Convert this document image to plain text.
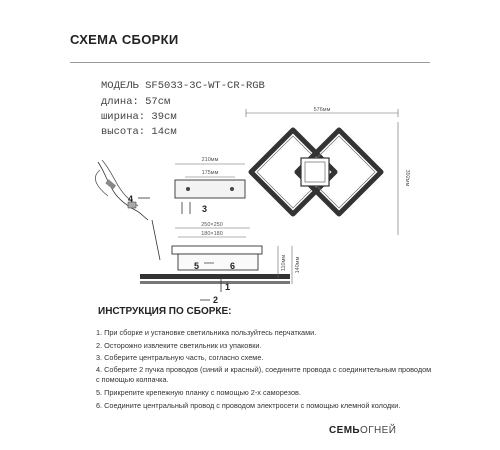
СХЕМА СБОРКИ
МОДЕЛЬ SF5033-3C-WT-CR-RGB
длина: 57см
ширина: 39см
высота: 14см
576мм
392мм
210мм
175мм
3
4
250×250
180×180
5	6	110мм 140мм
1
2
ИНСТРУКЦИЯ ПО СБОРКЕ:
1. При сборке и установке светильника пользуйтесь перчатками.
2. Осторожно извлеките светильник из упаковки.
3. Соберите центральную часть, согласно схеме.
4. Соберите 2 пучка проводов (синий и красный), соедините провода с соединительным проводом с помощью колпачка.
5. Прикрепите крепежную планку с помощью 2-х саморезов.
6. Соедините центральный провод с проводом электросети с помощью клемной колодки.
СЕМЬОГНЕЙ
